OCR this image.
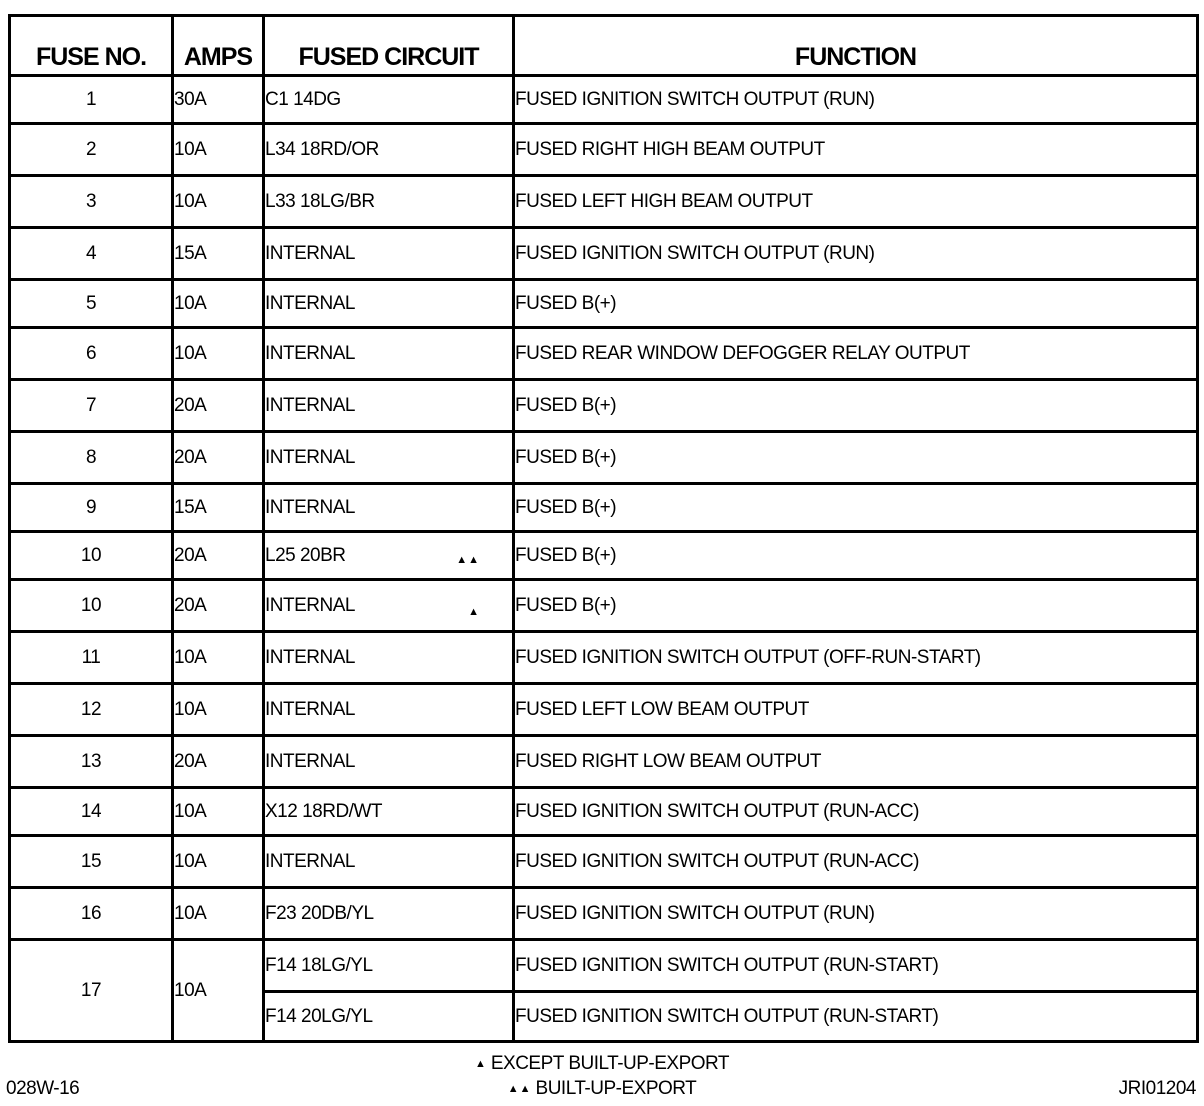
FUSE NO.	AMPS	FUSED CIRCUIT	FUNCTION
1	30A	C1 14DG	FUSED IGNITION SWITCH OUTPUT (RUN)
2	10A	L34 18RD/OR	FUSED RIGHT HIGH BEAM OUTPUT
3	10A	L33 18LG/BR	FUSED LEFT HIGH BEAM OUTPUT
4	15A	INTERNAL	FUSED IGNITION SWITCH OUTPUT (RUN)
5	10A	INTERNAL	FUSED B(+)
6	10A	INTERNAL	FUSED REAR WINDOW DEFOGGER RELAY OUTPUT
7	20A	INTERNAL	FUSED B(+)
8	20A	INTERNAL	FUSED B(+)
9	15A	INTERNAL	FUSED B(+)
10	20A	L25 20BR ▲▲	FUSED B(+)
10	20A	INTERNAL ▲	FUSED B(+)
11	10A	INTERNAL	FUSED IGNITION SWITCH OUTPUT (OFF-RUN-START)
12	10A	INTERNAL	FUSED LEFT LOW BEAM OUTPUT
13	20A	INTERNAL	FUSED RIGHT LOW BEAM OUTPUT
14	10A	X12 18RD/WT	FUSED IGNITION SWITCH OUTPUT (RUN-ACC)
15	10A	INTERNAL	FUSED IGNITION SWITCH OUTPUT (RUN-ACC)
16	10A	F23 20DB/YL	FUSED IGNITION SWITCH OUTPUT (RUN)
17	10A	F14 18LG/YL	FUSED IGNITION SWITCH OUTPUT (RUN-START)
		F14 20LG/YL	FUSED IGNITION SWITCH OUTPUT (RUN-START)
▲ EXCEPT BUILT-UP-EXPORT
▲▲ BUILT-UP-EXPORT
028W-16	JRI01204
